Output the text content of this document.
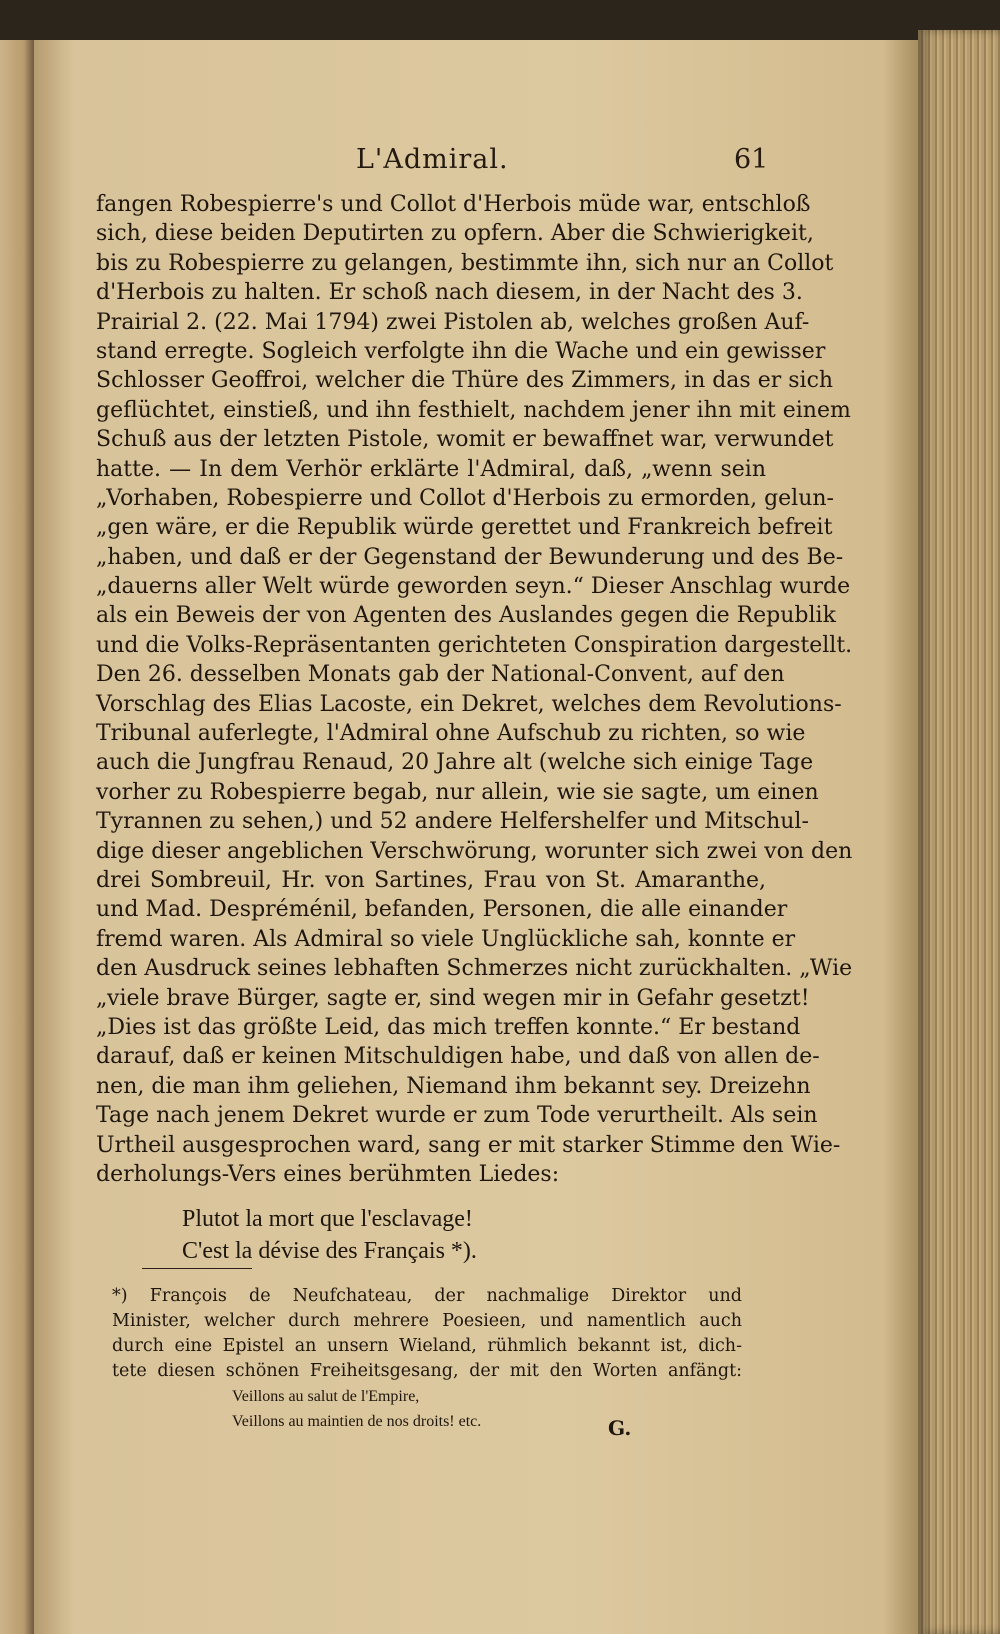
L'Admiral.	61
fangen Robespierre's und Collot d'Herbois müde war, entschloß
sich, diese beiden Deputirten zu opfern. Aber die Schwierigkeit,
bis zu Robespierre zu gelangen, bestimmte ihn, sich nur an Collot
d'Herbois zu halten. Er schoß nach diesem, in der Nacht des 3.
Prairial 2. (22. Mai 1794) zwei Pistolen ab, welches großen Auf-
stand erregte. Sogleich verfolgte ihn die Wache und ein gewisser
Schlosser Geoffroi, welcher die Thüre des Zimmers, in das er sich
geflüchtet, einstieß, und ihn festhielt, nachdem jener ihn mit einem
Schuß aus der letzten Pistole, womit er bewaffnet war, verwundet
hatte. — In dem Verhör erklärte l'Admiral, daß, „wenn sein
„Vorhaben, Robespierre und Collot d'Herbois zu ermorden, gelun-
„gen wäre, er die Republik würde gerettet und Frankreich befreit
„haben, und daß er der Gegenstand der Bewunderung und des Be-
„dauerns aller Welt würde geworden seyn.“ Dieser Anschlag wurde
als ein Beweis der von Agenten des Auslandes gegen die Republik
und die Volks-Repräsentanten gerichteten Conspiration dargestellt.
Den 26. desselben Monats gab der National-Convent, auf den
Vorschlag des Elias Lacoste, ein Dekret, welches dem Revolutions-
Tribunal auferlegte, l'Admiral ohne Aufschub zu richten, so wie
auch die Jungfrau Renaud, 20 Jahre alt (welche sich einige Tage
vorher zu Robespierre begab, nur allein, wie sie sagte, um einen
Tyrannen zu sehen,) und 52 andere Helfershelfer und Mitschul-
dige dieser angeblichen Verschwörung, worunter sich zwei von den
drei Sombreuil, Hr. von Sartines, Frau von St. Amaranthe,
und Mad. Despréménil, befanden, Personen, die alle einander
fremd waren. Als Admiral so viele Unglückliche sah, konnte er
den Ausdruck seines lebhaften Schmerzes nicht zurückhalten. „Wie
„viele brave Bürger, sagte er, sind wegen mir in Gefahr gesetzt!
„Dies ist das größte Leid, das mich treffen konnte.“ Er bestand
darauf, daß er keinen Mitschuldigen habe, und daß von allen de-
nen, die man ihm geliehen, Niemand ihm bekannt sey. Dreizehn
Tage nach jenem Dekret wurde er zum Tode verurtheilt. Als sein
Urtheil ausgesprochen ward, sang er mit starker Stimme den Wie-
derholungs-Vers eines berühmten Liedes:
Plutot la mort que l'esclavage!
C'est la dévise des Français *).
*) François de Neufchateau, der nachmalige Direktor und
Minister, welcher durch mehrere Poesieen, und namentlich auch
durch eine Epistel an unsern Wieland, rühmlich bekannt ist, dich-
tete diesen schönen Freiheitsgesang, der mit den Worten anfängt:
Veillons au salut de l'Empire,
Veillons au maintien de nos droits! etc.	G.
